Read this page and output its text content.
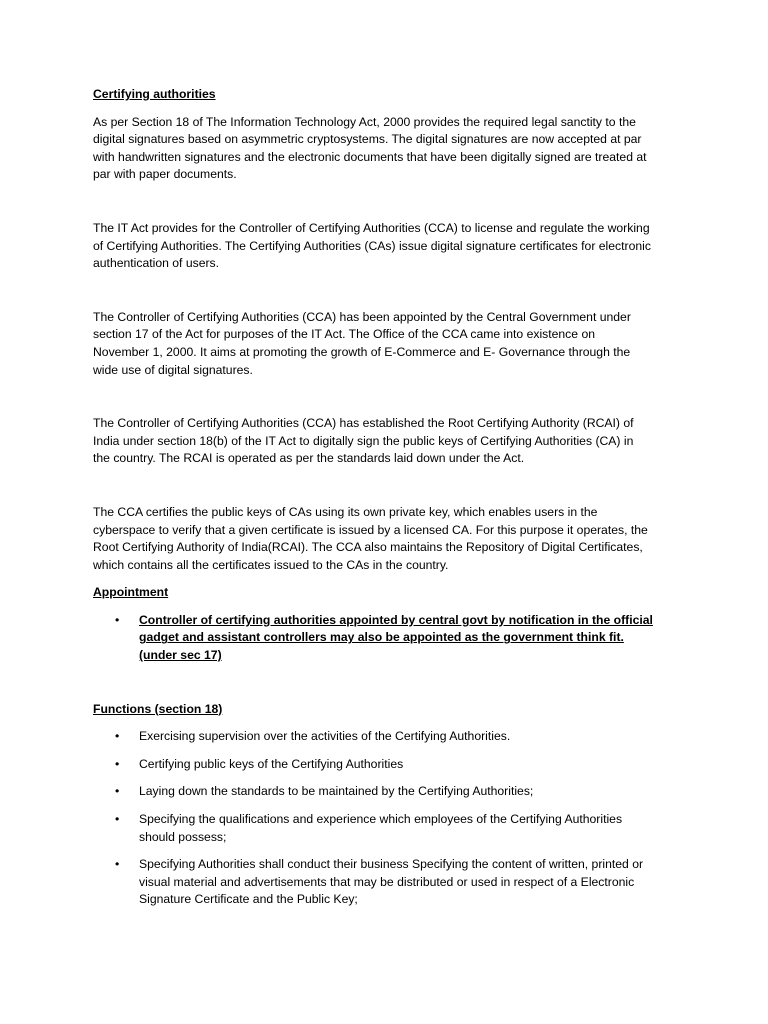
Certifying authorities

As per Section 18 of The Information Technology Act, 2000 provides the required legal sanctity to the digital signatures based on asymmetric cryptosystems. The digital signatures are now accepted at par with handwritten signatures and the electronic documents that have been digitally signed are treated at par with paper documents.

The IT Act provides for the Controller of Certifying Authorities (CCA) to license and regulate the working of Certifying Authorities. The Certifying Authorities (CAs) issue digital signature certificates for electronic authentication of users.

The Controller of Certifying Authorities (CCA) has been appointed by the Central Government under section 17 of the Act for purposes of the IT Act. The Office of the CCA came into existence on November 1, 2000. It aims at promoting the growth of E-Commerce and E- Governance through the wide use of digital signatures.

The Controller of Certifying Authorities (CCA) has established the Root Certifying Authority (RCAI) of India under section 18(b) of the IT Act to digitally sign the public keys of Certifying Authorities (CA) in the country. The RCAI is operated as per the standards laid down under the Act.

The CCA certifies the public keys of CAs using its own private key, which enables users in the cyberspace to verify that a given certificate is issued by a licensed CA. For this purpose it operates, the Root Certifying Authority of India(RCAI). The CCA also maintains the Repository of Digital Certificates, which contains all the certificates issued to the CAs in the country.

Appointment

• Controller of certifying authorities appointed by central govt by notification in the official gadget and assistant controllers may also be appointed as the government think fit. (under sec 17)

Functions (section 18)

• Exercising supervision over the activities of the Certifying Authorities.
• Certifying public keys of the Certifying Authorities
• Laying down the standards to be maintained by the Certifying Authorities;
• Specifying the qualifications and experience which employees of the Certifying Authorities should possess;
• Specifying Authorities shall conduct their business Specifying the content of written, printed or visual material and advertisements that may be distributed or used in respect of a Electronic Signature Certificate and the Public Key;
